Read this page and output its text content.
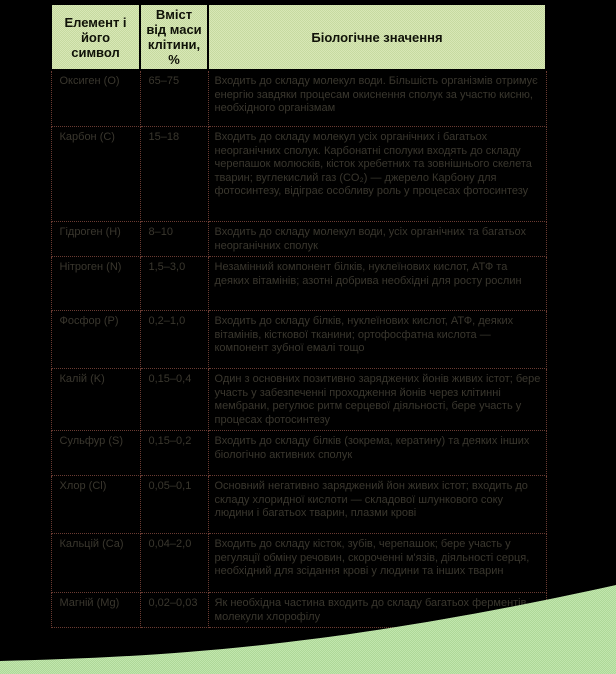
Елемент і його символ	Вміст від маси клітини, %	Біологічне значення
Оксиген (O)	65–75	Входить до складу молекул води. Більшість організмів отримує енергію завдяки процесам окиснення сполук за участю кисню, необхідного організмам
Карбон (C)	15–18	Входить до складу молекул усіх органічних і багатьох неорганічних сполук. Карбонатні сполуки входять до складу черепашок молюсків, кісток хребетних та зовнішнього скелета тварин; вуглекислий газ (CO₂) — джерело Карбону для фотосинтезу, відіграє особливу роль у процесах фотосинтезу
Гідроген (H)	8–10	Входить до складу молекул води, усіх органічних та багатьох неорганічних сполук
Нітроген (N)	1,5–3,0	Незамінний компонент білків, нуклеїнових кислот, АТФ та деяких вітамінів; азотні добрива необхідні для росту рослин
Фосфор (P)	0,2–1,0	Входить до складу білків, нуклеїнових кислот, АТФ, деяких вітамінів, кісткової тканини; ортофосфатна кислота — компонент зубної емалі тощо
Калій (K)	0,15–0,4	Один з основних позитивно заряджених йонів живих істот; бере участь у забезпеченні проходження йонів через клітинні мембрани, регулює ритм серцевої діяльності, бере участь у процесах фотосинтезу
Сульфур (S)	0,15–0,2	Входить до складу білків (зокрема, кератину) та деяких інших біологічно активних сполук
Хлор (Cl)	0,05–0,1	Основний негативно заряджений йон живих істот; входить до складу хлоридної кислоти — складової шлункового соку людини і багатьох тварин, плазми крові
Кальцій (Ca)	0,04–2,0	Входить до складу кісток, зубів, черепашок; бере участь у регуляції обміну речовин, скороченні м'язів, діяльності серця, необхідний для зсідання крові у людини та інших тварин
Магній (Mg)	0,02–0,03	Як необхідна частина входить до складу багатьох ферментів, молекули хлорофілу
